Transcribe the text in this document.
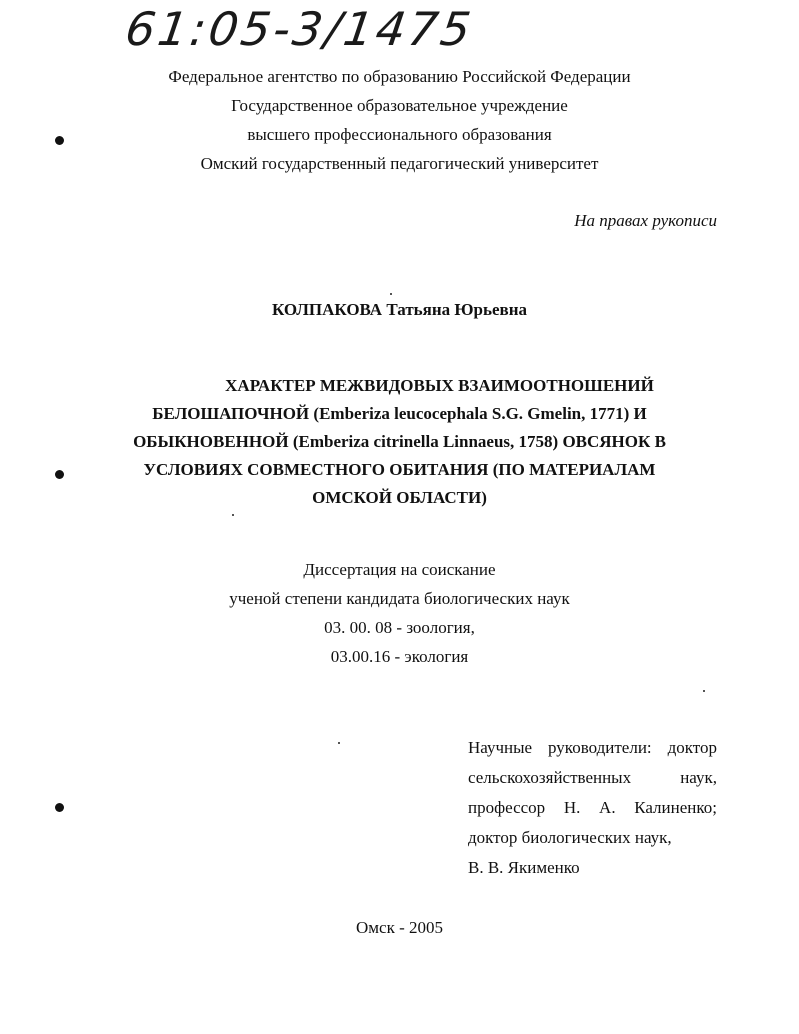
61:05-3/1475
Федеральное агентство по образованию Российской Федерации
Государственное образовательное учреждение
высшего профессионального образования
Омский государственный педагогический университет
На правах рукописи
КОЛПАКОВА Татьяна Юрьевна
ХАРАКТЕР МЕЖВИДОВЫХ ВЗАИМООТНОШЕНИЙ
БЕЛОШАПОЧНОЙ (Emberiza leucocephala S.G. Gmelin, 1771) И
ОБЫКНОВЕННОЙ (Emberiza citrinella Linnaeus, 1758) ОВСЯНОК В
УСЛОВИЯХ СОВМЕСТНОГО ОБИТАНИЯ (ПО МАТЕРИАЛАМ
ОМСКОЙ ОБЛАСТИ)
Диссертация на соискание
ученой степени кандидата биологических наук
03. 00. 08 - зоология,
03.00.16 - экология
Научные руководители: доктор
сельскохозяйственных наук,
профессор Н. А. Калиненко;
доктор биологических наук,
В. В. Якименко
Омск - 2005
